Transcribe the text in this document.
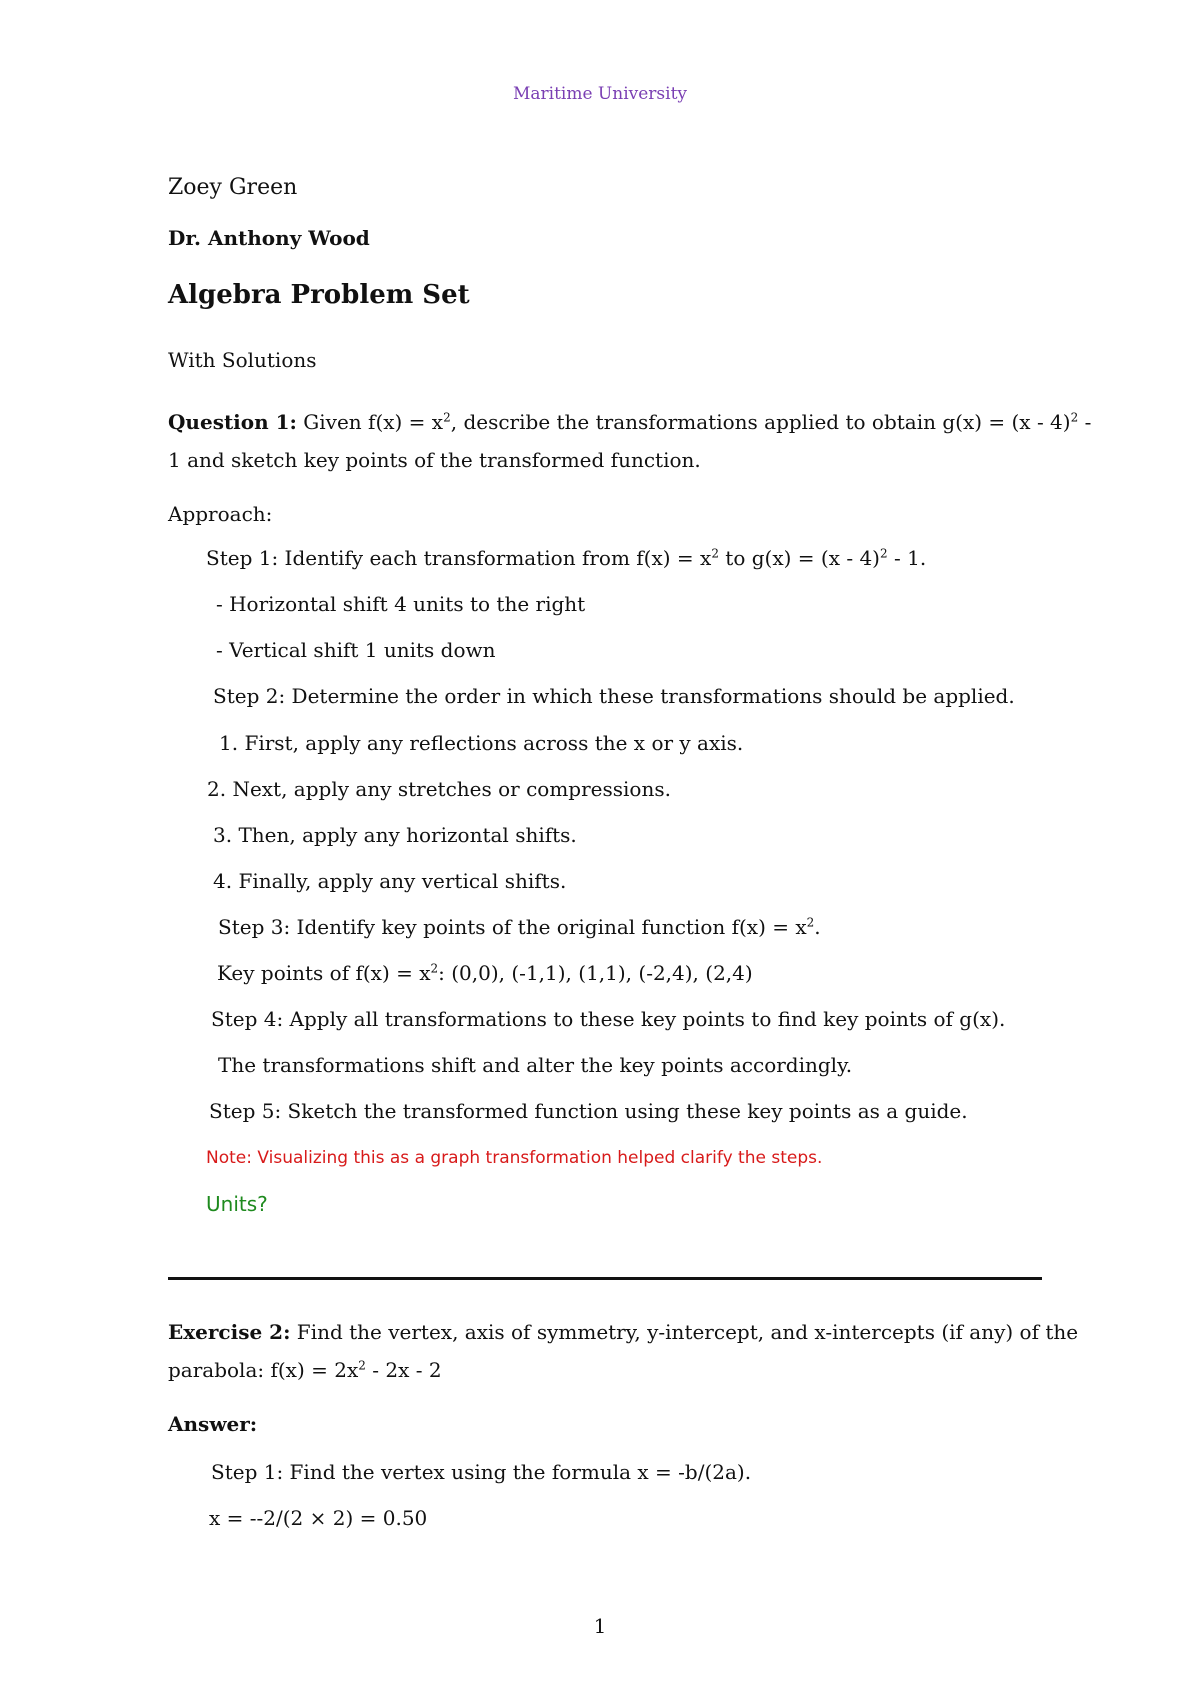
Maritime University
Zoey Green
Dr. Anthony Wood
Algebra Problem Set
With Solutions
Question 1: Given $f(x) = x^2$, describe the transformations applied to obtain g(x) = (x - 4)$^2$ -
1 and sketch key points of the transformed function.
Approach:
Step 1: Identify each transformation from $f(x) = x^2$ to g(x) = (x - 4)$^2$ - 1.
- Horizontal shift 4 units to the right
- Vertical shift 1 units down
Step 2: Determine the order in which these transformations should be applied.
1. First, apply any reflections across the x or y axis.
2. Next, apply any stretches or compressions.
3. Then, apply any horizontal shifts.
4. Finally, apply any vertical shifts.
Step 3: Identify key points of the original function $f(x) = x^2$.
Key points of $f(x) = x^2$: (0,0), (-1,1), (1,1), (-2,4), (2,4)
Step 4: Apply all transformations to these key points to find key points of g(x).
The transformations shift and alter the key points accordingly.
Step 5: Sketch the transformed function using these key points as a guide.
Note: Visualizing this as a graph transformation helped clarify the steps.
Units?
Exercise 2: Find the vertex, axis of symmetry, y-intercept, and x-intercepts (if any) of the
parabola: $f(x) = 2x^2 - 2x - 2$
Answer:
Step 1: Find the vertex using the formula x = -b/(2a).
x = --2/(2 × 2) = 0.50
1
